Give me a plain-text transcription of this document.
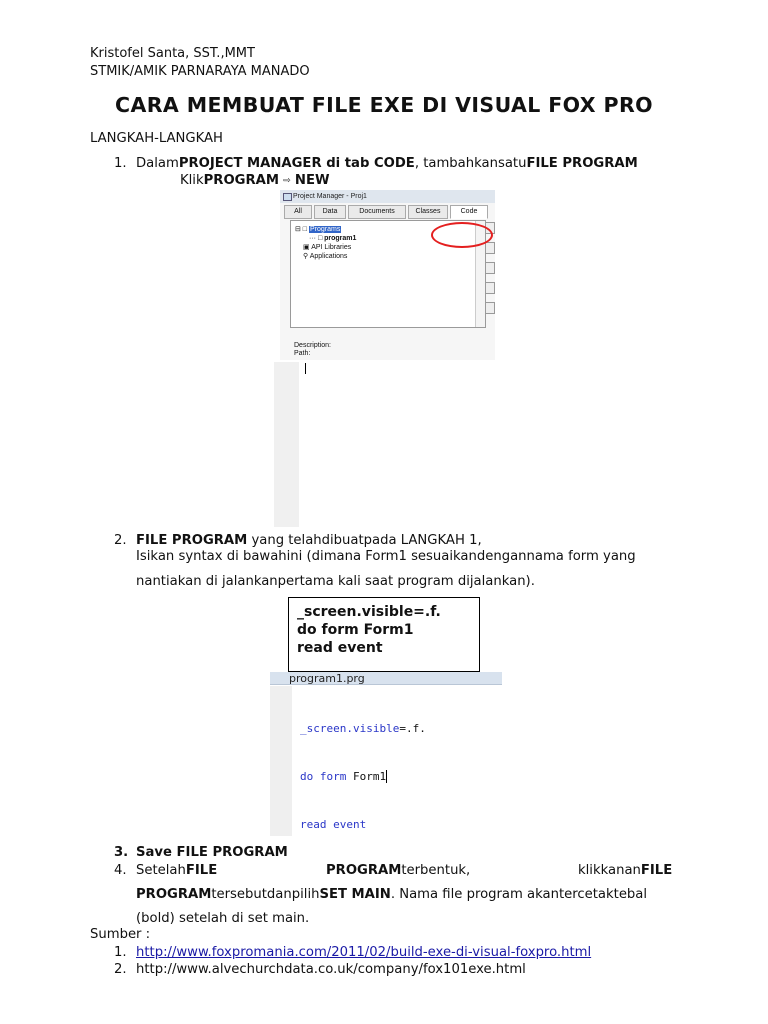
Kristofel Santa, SST.,MMT
STMIK/AMIK PARNARAYA MANADO
CARA MEMBUAT FILE EXE DI VISUAL FOX PRO
LANGKAH-LANGKAH
1. DalamPROJECT MANAGER di tab CODE, tambahkansatuFILE PROGRAM
KlikPROGRAM ⇨ NEW
Project Manager - Proj1
All	Data	Documents	Classes	Code
⊟ □ Programs
··· □ program1
▣ API Libraries
⚲ Applications
Description:
Path:
2. FILE PROGRAM yang telahdibuatpada LANGKAH 1,
Isikan syntax di bawahini (dimana Form1 sesuaikandengannama form yang
nantiakan di jalankanpertama kali saat program dijalankan).
_screen.visible=.f.
do form Form1
read event
program1.prg

_screen.visible=.f.

do form Form1

read event

3. Save FILE PROGRAM
4. SetelahFILE	PROGRAMterbentuk,	klikkananFILE
PROGRAMtersebutdanpilihSET MAIN. Nama file program akantercetaktebal
(bold) setelah di set main.
Sumber :
1. http://www.foxpromania.com/2011/02/build-exe-di-visual-foxpro.html
2. http://www.alvechurchdata.co.uk/company/fox101exe.html
